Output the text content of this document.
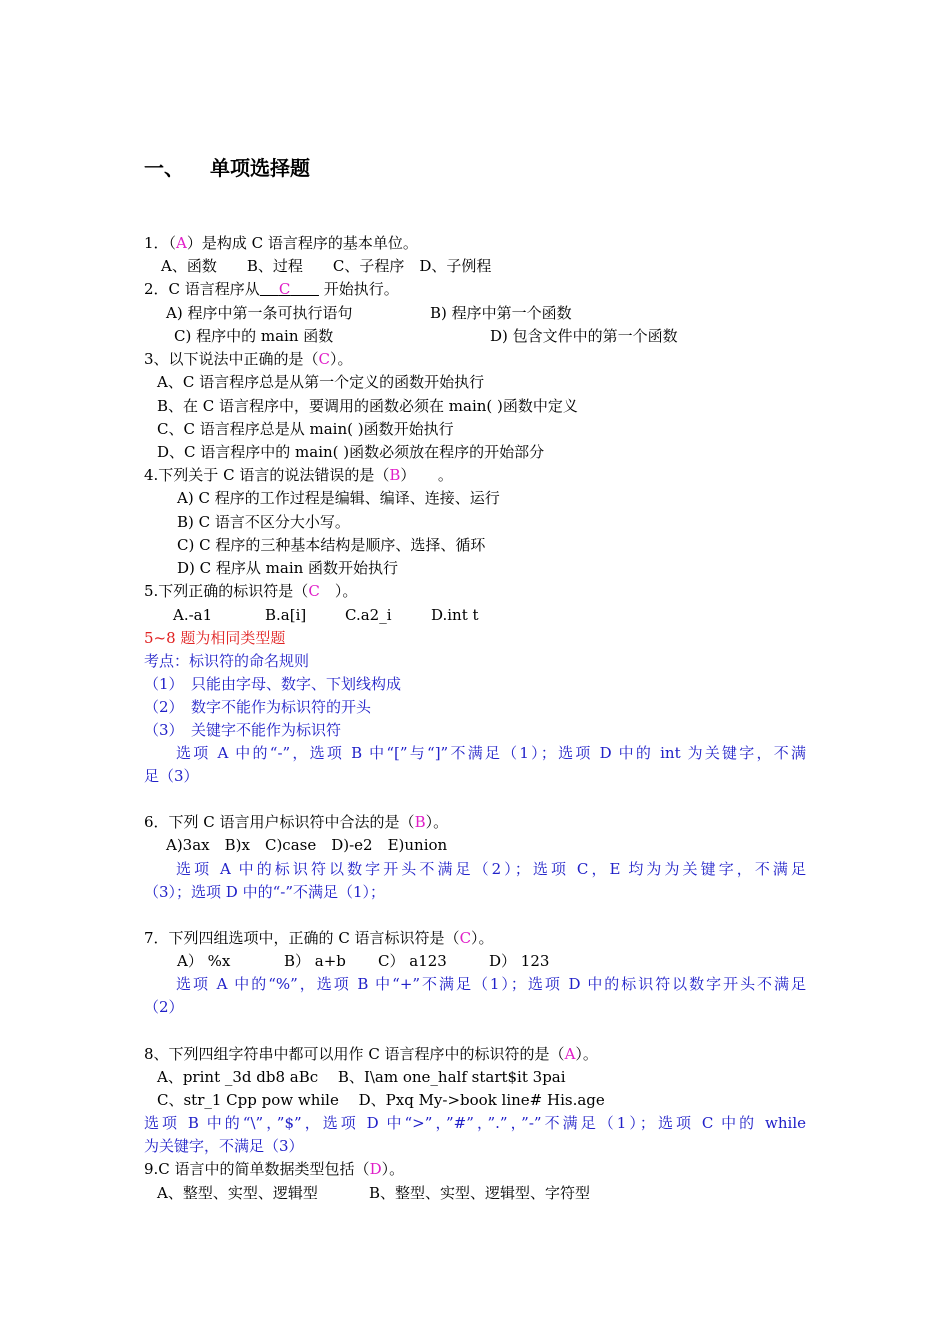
一、 单项选择题
1．（A）是构成 C 语言程序的基本单位。
A、函数　　B、过程　　C、子程序　D、子例程
2．C 语言程序从 C 开始执行。
A) 程序中第一条可执行语句	B) 程序中第一个函数
C) 程序中的 main 函数	D) 包含文件中的第一个函数
3、以下说法中正确的是（C）。
A、C 语言程序总是从第一个定义的函数开始执行
B、在 C 语言程序中，要调用的函数必须在 main( )函数中定义
C、C 语言程序总是从 main( )函数开始执行
D、C 语言程序中的 main( )函数必须放在程序的开始部分
4.下列关于 C 语言的说法错误的是（B）　　。
A) C 程序的工作过程是编辑、编译、连接、运行
B) C 语言不区分大小写。
C) C 程序的三种基本结构是顺序、选择、循环
D) C 程序从 main 函数开始执行
5.下列正确的标识符是（C　）。
A.-a1	B.a[i]	C.a2_i	D.int t
5~8 题为相同类型题
考点：标识符的命名规则
（1）　只能由字母、数字、下划线构成
（2）　数字不能作为标识符的开头
（3）　关键字不能作为标识符
选项 A 中的“-”，选项 B 中“[”与“]”不满足（1）；选项 D 中的 int 为关键字，不满
足（3）
6．下列 C 语言用户标识符中合法的是（B）。
A)3ax　B)x　C)case　D)-e2　E)union
选项 A 中的标识符以数字开头不满足（2）；选项 C，E 均为为关键字，不满足
（3）；选项 D 中的“-”不满足（1）；
7．下列四组选项中，正确的 C 语言标识符是（C）。
A） %x	B） a+b C） a123	D） 123
选项 A 中的“%”，选项 B 中“+”不满足（1）；选项 D 中的标识符以数字开头不满足
（2）
8、下列四组字符串中都可以用作 C 语言程序中的标识符的是（A）。
A、print _3d db8 aBc　 B、I\am one_half start$it 3pai
C、str_1 Cpp pow while　 D、Pxq My->book line# His.age
选项 B 中的“\”，”$”，选项 D 中“>”，”#”，”.”，”-”不满足（1）；选项 C 中的 while
为关键字，不满足（3）
9.C 语言中的简单数据类型包括（D）。
A、整型、实型、逻辑型	B、整型、实型、逻辑型、字符型
